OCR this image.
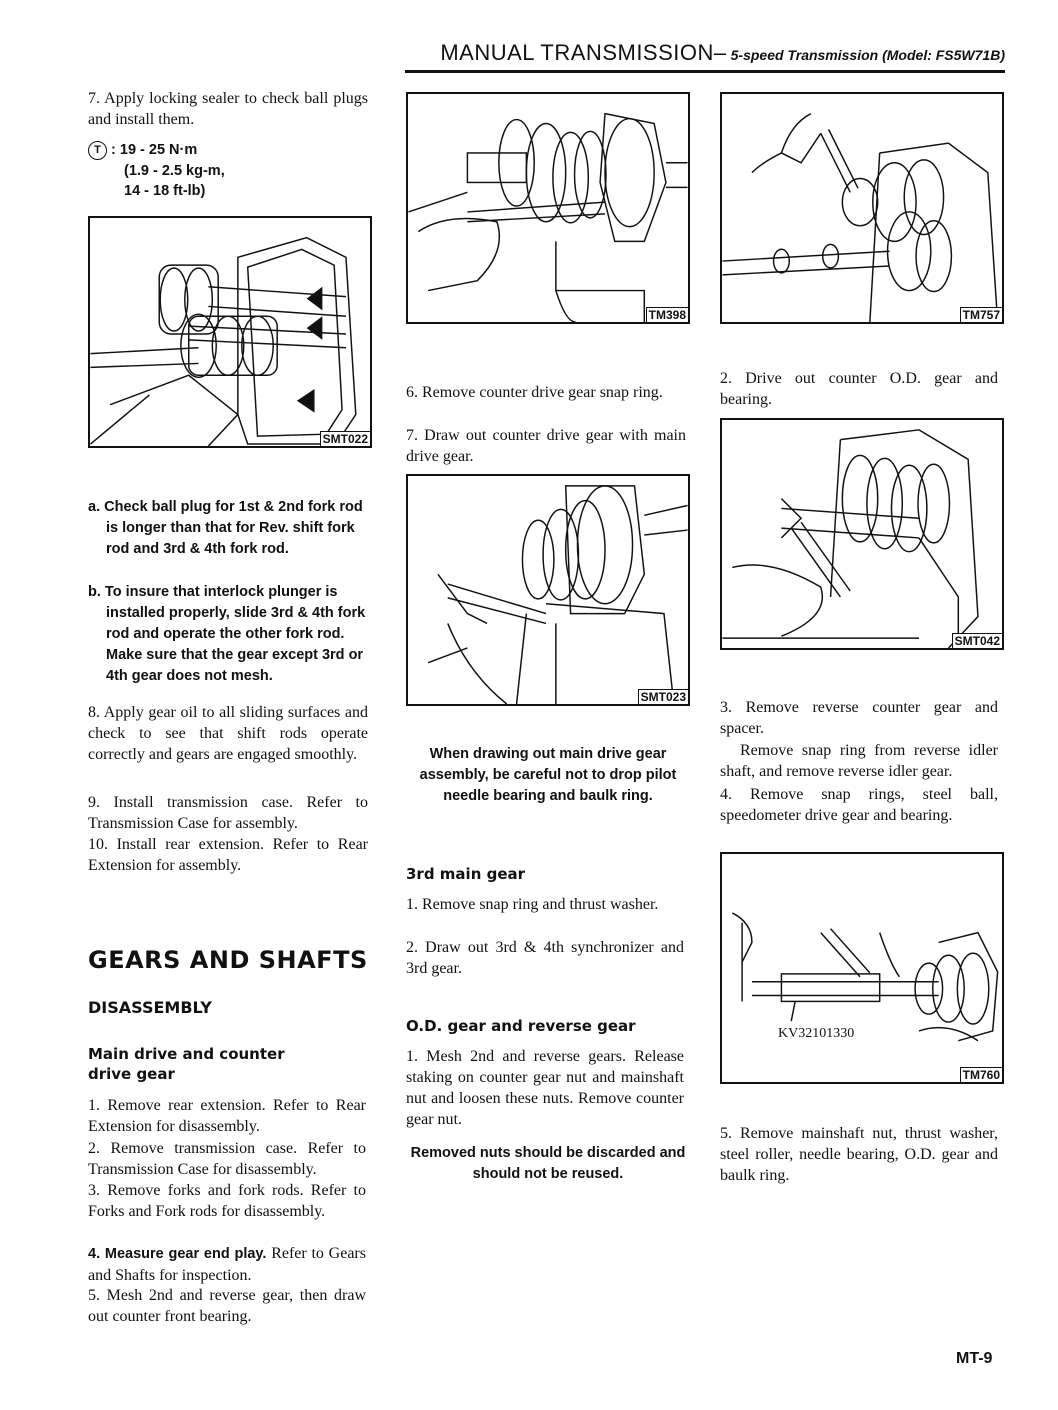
MANUAL TRANSMISSION– 5-speed Transmission (Model: FS5W71B)
7. Apply locking sealer to check ball plugs and install them.
T : 19 - 25 N·m
(1.9 - 2.5 kg-m,
14 - 18 ft-lb)
SMT022
a. Check ball plug for 1st & 2nd fork rod is longer than that for Rev. shift fork rod and 3rd & 4th fork rod.
b. To insure that interlock plunger is installed properly, slide 3rd & 4th fork rod and operate the other fork rod. Make sure that the gear except 3rd or 4th gear does not mesh.
8. Apply gear oil to all sliding surfaces and check to see that shift rods operate correctly and gears are engaged smoothly.
9. Install transmission case. Refer to Transmission Case for assembly.
10. Install rear extension. Refer to Rear Extension for assembly.
GEARS AND SHAFTS
DISASSEMBLY
Main drive and counter
drive gear
1. Remove rear extension. Refer to Rear Extension for disassembly.
2. Remove transmission case. Refer to Transmission Case for disassembly.
3. Remove forks and fork rods. Refer to Forks and Fork rods for disassembly.
4. Measure gear end play. Refer to Gears and Shafts for inspection.
5. Mesh 2nd and reverse gear, then draw out counter front bearing.
TM398
6. Remove counter drive gear snap ring.
7. Draw out counter drive gear with main drive gear.
SMT023
When drawing out main drive gear assembly, be careful not to drop pilot needle bearing and baulk ring.
3rd main gear
1. Remove snap ring and thrust washer.
2. Draw out 3rd & 4th synchronizer and 3rd gear.
O.D. gear and reverse gear
1. Mesh 2nd and reverse gears. Release staking on counter gear nut and mainshaft nut and loosen these nuts. Remove counter gear nut.
Removed nuts should be discarded and should not be reused.
TM757
2. Drive out counter O.D. gear and bearing.
SMT042
3. Remove reverse counter gear and spacer.
Remove snap ring from reverse idler shaft, and remove reverse idler gear.
4. Remove snap rings, steel ball, speedometer drive gear and bearing.
KV32101330
TM760
5. Remove mainshaft nut, thrust washer, steel roller, needle bearing, O.D. gear and baulk ring.
MT-9
